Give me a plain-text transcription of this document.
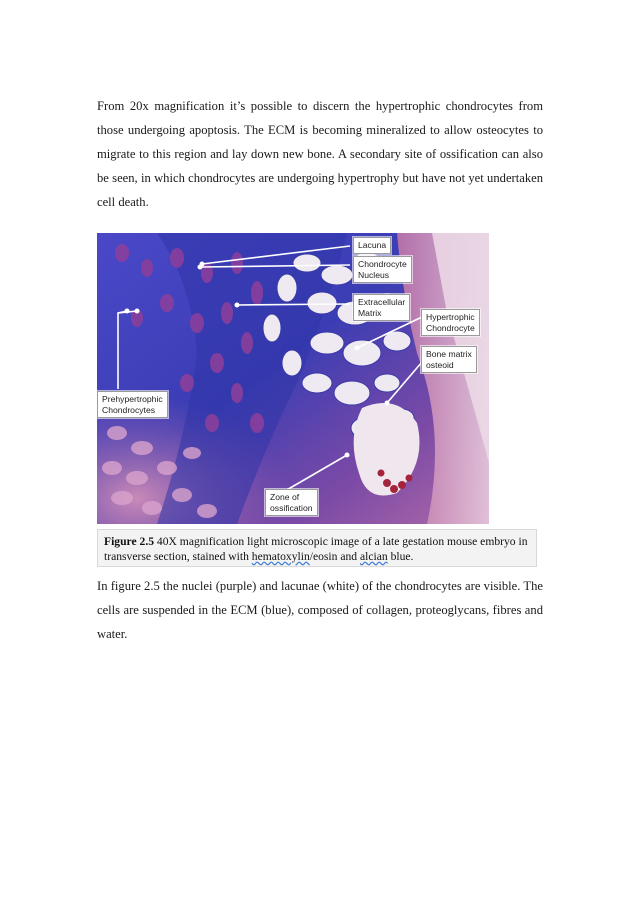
From 20x magnification it’s possible to discern the hypertrophic chondrocytes from those undergoing apoptosis. The ECM is becoming mineralized to allow osteocytes to migrate to this region and lay down new bone. A secondary site of ossification can also be seen, in which chondrocytes are undergoing hypertrophy but have not yet undertaken cell death.

Lacuna
Chondrocyte
Nucleus
Extracellular
Matrix	Hypertrophic
Chondrocyte
Bone matrix
osteoid
Prehypertrophic
Chondrocytes
Zone of
ossification
Figure 2.5 40X magnification light microscopic image of a late gestation mouse embryo in transverse section, stained with hematoxylin/eosin and alcian blue.

In figure 2.5 the nuclei (purple) and lacunae (white) of the chondrocytes are visible. The cells are suspended in the ECM (blue), composed of collagen, proteoglycans, fibres and water.
